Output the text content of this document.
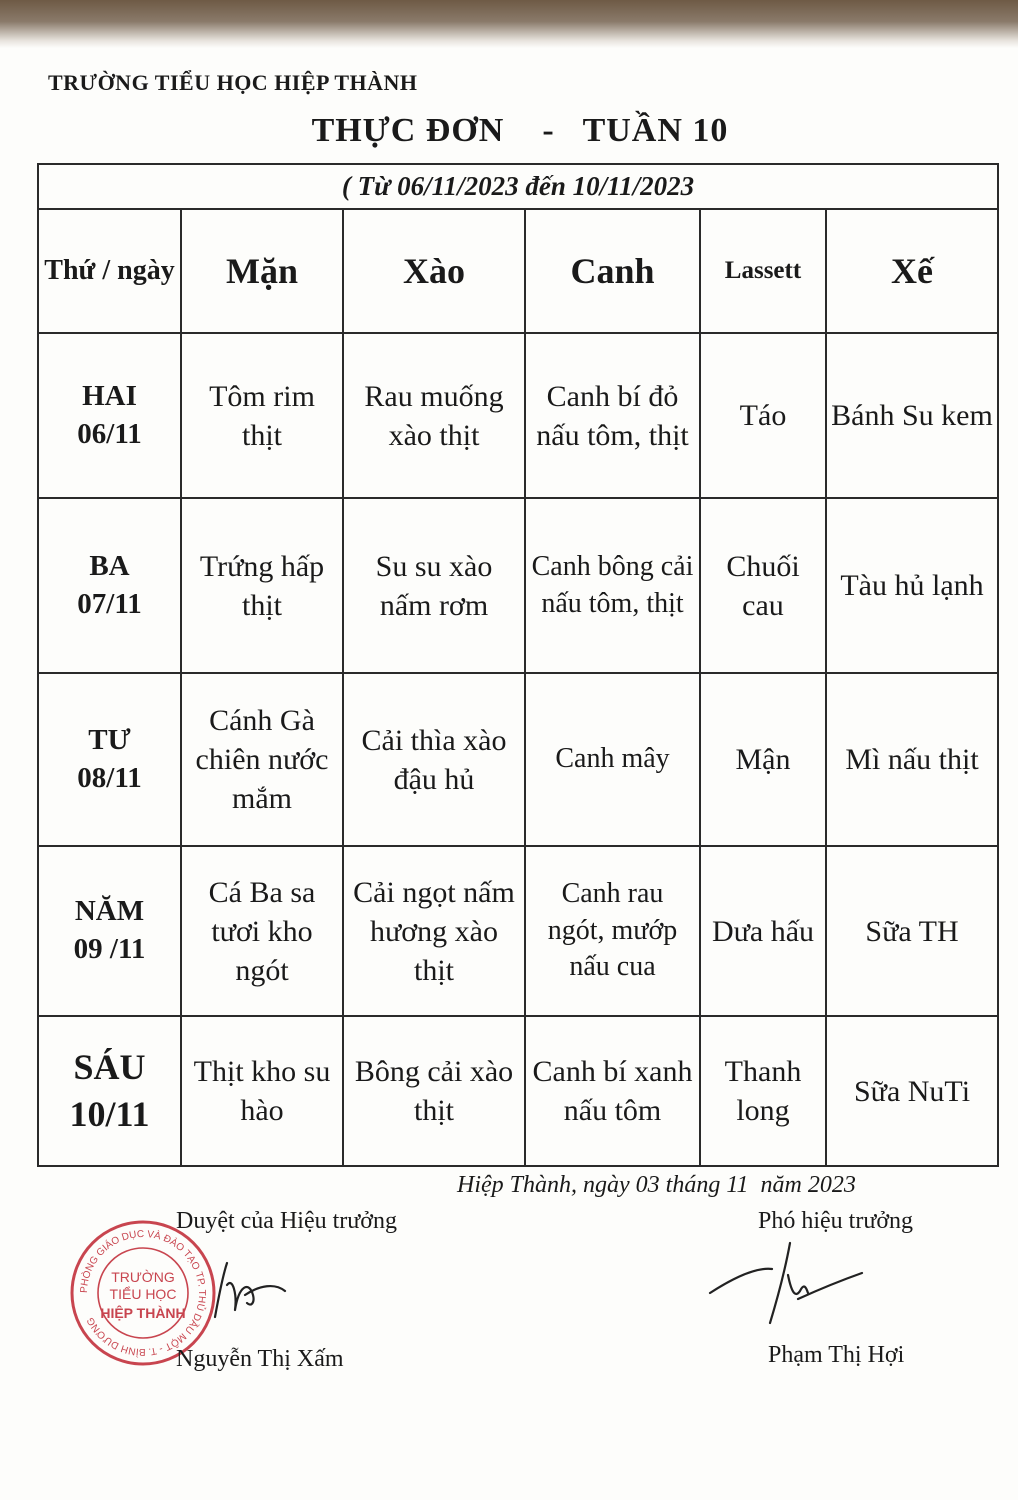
TRƯỜNG TIỂU HỌC HIỆP THÀNH
THỰC ĐƠN - TUẦN 10
( Từ 06/11/2023 đến 10/11/2023					
Thứ / ngày	Mặn	Xào	Canh	Lassett	Xế
HAI
06/11	Tôm rim thịt	Rau muống xào thịt	Canh bí đỏ nấu tôm, thịt	Táo	Bánh Su kem
BA
07/11	Trứng hấp thịt	Su su xào nấm rơm	Canh bông cải nấu tôm, thịt	Chuối cau	Tàu hủ lạnh
TƯ
08/11	Cánh Gà chiên nước mắm	Cải thìa xào đậu hủ	Canh mây	Mận	Mì nấu thịt
NĂM
09 /11	Cá Ba sa tươi kho ngót	Cải ngọt nấm hương xào thịt	Canh rau ngót, mướp nấu cua	Dưa hấu	Sữa TH
SÁU
10/11	Thịt kho su hào	Bông cải xào thịt	Canh bí xanh nấu tôm	Thanh long	Sữa NuTi
Hiệp Thành, ngày 03 tháng 11  năm 2023
Duyệt của Hiệu trưởng	Phó hiệu trưởng
PHÒNG GIÁO DỤC VÀ ĐÀO TẠO TP. THỦ DẦU MỘT - T. BÌNH DƯƠNG
TRƯỜNG
TIỂU HỌC
HIỆP THÀNH
Nguyễn Thị Xấm	Phạm Thị Hợi
